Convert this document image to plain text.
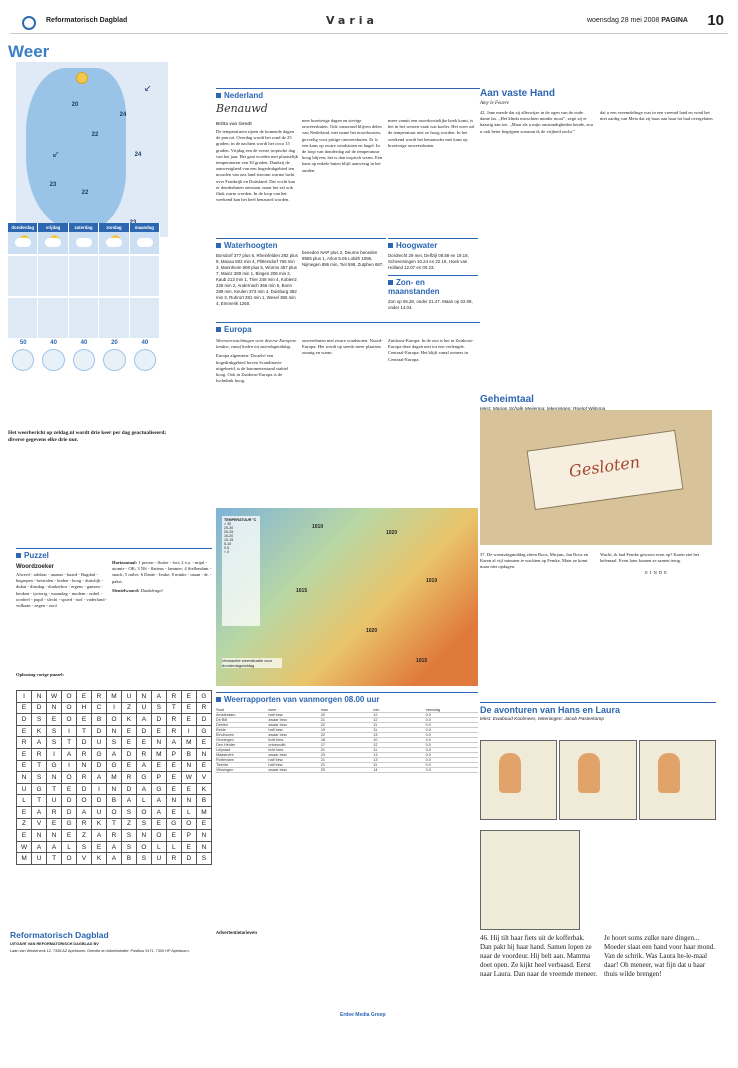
Reformatorisch Dagblad	Varia	woensdag 28 mei 2008 PAGINA 10
Weer
20
24
22
24
23
22
↙
↙
donderdag	vrijdag	zaterdag	zondag	maandag
50	40	40	20	40
Het weerbericht op zeldag.nl wordt drie keer per dag geactualiseerd; diverse gegevens elke drie uur.
Nederland
Benauwd
Britta van Gendt
De temperaturen rijzen de komende dagen de pan uit. Overdag wordt het rond de 25 graden; in de nachten wordt het circa 15 graden. Vrijdag een de eerste tropische dag van het jaar. Het gaat worden met plaatselijk temperaturen van 30 graden. Dankzij de aanwezigheid van een hogedrukgebied ten noorden van ons land stroomt warme lucht over Frankrijk en Duitsland. Dat vocht kan er donderbuien ontstaan, maar het zal ook flink warm worden. In de loop van het weekend kan het heel benauwd worden.
neer broeierige dagen en stevige onweersbuien. Ook vanavond blijven delen van Nederland, met name het noordoosten, gevoelig voor pittige onweersbuien. Er is een kans op zware windstoten en hagel. In de loop van donderdag zal de temperatuur hoog blijven; het is dan tropisch warm. Een kans op enkele buien blijft aanwezig in het zuiden.
meer vanuit een noordoostelijke hoek komt, is het in het westen vaak wat koeler. Het weer zal de temperatuur niet zo hoog worden. In het weekend wordt het benauwder met kans op broeierige onweersbuien.
Waterhoogten
Borsdorf 377 plus 6, Rheinfelden 282 plus 9, Maxau 502 min 4, Plittersdorf 766 min 3, Mannheim 608 plus 5, Worms 457 plus 7, Mainz 280 min 1, Bingen 208 min 2, Kaub 213 min 1, Trier 248 min 4, Koblenz 226 min 2, Andernach 366 min 5, Bonn 289 min, Keulen 373 min 4, Duisburg 382 min 3, Ruhrort 381 min 1, Wesel 365 min 4, Emmerik 1260.
beneden NAP plus 2, Deurne beneden 8955 plus 1, Arlon 5.05 Lobith 1086, Nijmegen 886 min, Tiel 598, Zutphen 687.
Hoogwater
Dordrecht 29 mei, Delfzijl 08.58 en 19.18, Scheveningen 10.24 en 22.19, Hoek van Holland 12.07 en 00.23.
Zon- en maanstanden
Zon op 05.28, onder 21.47. Maan op 02.09, onder 14.04.
Europa
Weersverwachtingen voor diverse Europese landen, vanaf heden tot zaterdagmiddag.
Europa algemeen: Dwaelsf een hogedrukgebied boven Scandinavie uitgebreid, is de barometerstand stabiel hoog. Ook in Zuidoost-Europa is de luchtdruk hoog.
onweerbuien met zware windstoten. Noord-Europa: Het wordt op steeds meer plaatsen zonnig en warm.
Zuidoost-Europa: In de zon is het in Zuidoost-Europa deze dagen niet tot een verlengde. Centraal-Europa: Het blijft vanaf zomers in Centraal-Europa.
TEMPERATUUR °C
> 30
25-30
20-25
15-20
10-15
5-10
0-5
< 0
1010
1020
1015
1010
1020
1015
Verwachte weersituatie voor donderdagmiddag
Weerrapporten van vanmorgen 08.00 uur
Stad	weer	max	min	neerslag
Amsterdam	half bew.	20	12	0.0
De Bilt	zwaar bew.	21	12	0.0
Deelen	zwaar bew.	22	11	0.0
Eelde	half bew.	19	11	0.0
Eindhoven	zwaar bew.	22	13	0.0
Groningen	licht bew.	18	10	0.0
Den Helder	onbewolkt	17	12	0.0
Lelystad	licht bew.	21	11	0.0
Maastricht	zwaar bew.	23	13	0.0
Rotterdam	half bew.	21	13	0.0
Twente	half bew.	21	11	0.0
Vlissingen	zwaar bew.	20	14	0.0
Puzzel
Woordzoeker
Alwerd - adelaar - ananas - baard - Bagdad - begrepen - bestralen - boden - boog - duitslijk - dukat - dinsdag - donkerbos - ergens - ganzen - keuken - ijwierig - maandag - modem - nobel - oordeel - pupil - slecht - spoed - turf - vaderland - vulkaan - zegen - zool
Horizontaal: 1 perron - fluiter - lort; 2 e.a. - mijal - atomie - OK; 3 NS - flatteus - lammer; 4 Stellendam - snack; 5 miles; 6 Dante - Ieuke; 8 minke - utaan - dr. - pakst.
Sleutelwoord: Dankdengel
Oplossing vorige puzzel:
I	N	W	O	E	R	M	U	N	A	R	E	G
E	D	N	O	H	C	I	Z	U	S	T	E	R
D	S	E	O	E	B	O	K	A	D	R	E	D
E	K	S	I	T	D	N	E	D	E	R	I	G
R	A	S	T	D	U	S	E	E	N	A	M	E
E	R	I	A	R	G	A	D	R	M	P	B	N
E	T	G	I	N	D	G	E	A	E	E	N	E
N	S	N	O	R	A	M	R	G	P	E	W	V
U	G	T	E	D	I	N	D	A	G	E	E	K
L	T	U	D	O	D	B	A	L	A	N	N	B
E	A	R	D	A	U	O	S	O	A	E	L	M
Z	V	E	G	R	K	T	Z	S	E	G	O	E
E	N	N	E	Z	A	R	S	N	O	E	P	N
W	A	A	L	S	E	A	S	O	L	L	E	N
M	U	T	O	V	K	A	B	S	U	R	D	S
Aan vaste Hand
Amy le Feuvre
42. Jane merde dat zij allerwijze in de ogen van de oude dame las. „Het klinkt misschien minder mooi”, zegò zij er haastig aan toe. „Maar als u mijn omstandigheden kende, zou u ook beter begrijpen waarom ik de vrijheid zocht.”
dat u een vreemdelinge was in een vreemd land en vond het niet aardig van Meta dat zij haas aan haar lot had overgelaten.
Geheimtaal
Gesloten
37. De woensdagmiddag zitten Roos, Mirjam, Jan Roos en Karen al vijf minuten te wachten op Femke. Maar ze komt maar niet opdagen.
Wacht, ik had Femke gewoon even op? Karen ziet het helemaal. Even later komen ze samen terug.
EINDE
De avonturen van Hans en Laura
tekst: Ewaboud Koolmees, tekeningen: Jacob Pasterkamp
46. Hij tilt haar fiets uit de kofferbak. Dan pakt hij haar hand. Samen lopen ze naar de voordeur. Hij belt aan. Mamma doet open. Ze kijkt heel verbaasd. Eerst naar Laura. Dan naar de vreemde meneer.
Je hoort soms zulke nare dingen... Moeder slaat een hand voor haar mond. Van de schrik. Was Laura he-le-maal daar! Oh meneer, wat fijn dat u haar thuis wilde brengen!
Reformatorisch Dagblad
UITGAVE VAN REFORMATORISCH DAGBLAD BV
Laan van Westenenk 12, 7336 AZ Apeldoorn. Directie en Administratie: Postbus 9171, 7300 HP Apeldoorn.
Advertentietarieven
Erdee Media Groep
